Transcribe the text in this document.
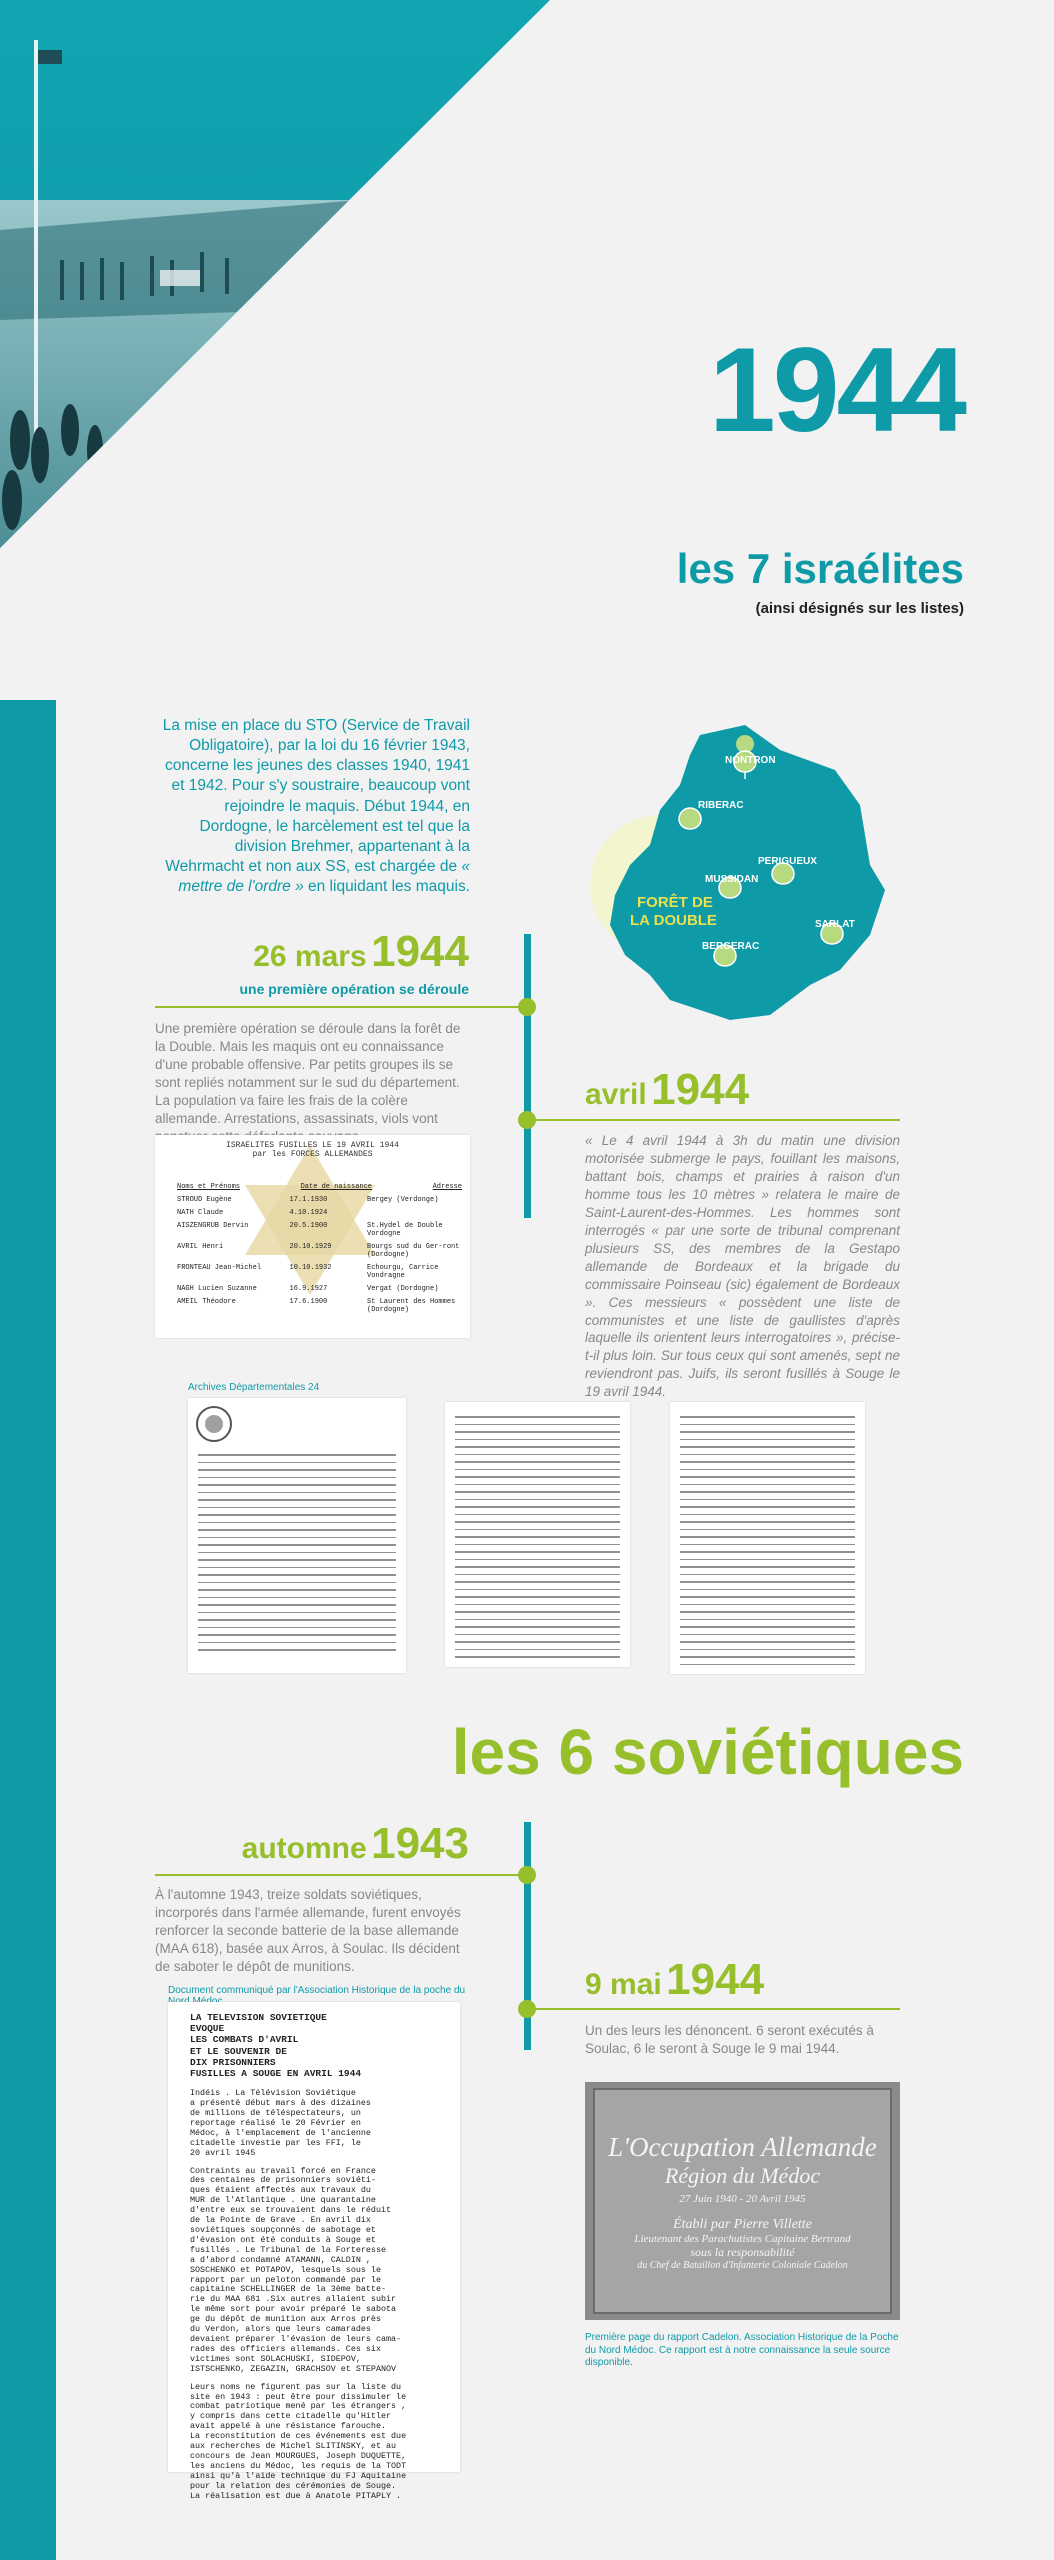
1944
les 7 israélites
(ainsi désignés sur les listes)
La mise en place du STO (Service de Travail Obligatoire), par la loi du 16 février 1943, concerne les jeunes des classes 1940, 1941 et 1942. Pour s'y soustraire, beaucoup vont rejoindre le maquis. Début 1944, en Dordogne, le harcèlement est tel que la division Brehmer, appartenant à la Wehrmacht et non aux SS, est chargée de « mettre de l'ordre » en liquidant les maquis.
NONTRON
RIBERAC
PERIGUEUX
MUSSIDAN
SARLAT
BERGERAC
FORÊT DE
LA DOUBLE
26 mars 1944
une première opération se déroule
Une première opération se déroule dans la forêt de la Double. Mais les maquis ont eu connaissance d'une probable offensive. Par petits groupes ils se sont repliés notamment sur le sud du département. La population va faire les frais de la colère allemande. Arrestations, assassinats, viols vont
avril 1944
« Le 4 avril 1944 à 3h du matin une division motorisée submerge le pays, fouillant les maisons, battant bois, champs et prairies à raison d'un homme tous les 10 mètres » relatera le maire de Saint-Laurent-des-Hommes. Les hommes sont interrogés « par une sorte de tribunal comprenant plusieurs SS, des membres de la Gestapo allemande de Bordeaux et la brigade du commissaire Poinseau (sic) également de Bordeaux ». Ces messieurs « possèdent une liste de communistes et une liste de gaullistes d'après laquelle ils orientent leurs interrogatoires », précise-t-il plus loin. Sur tous ceux qui sont amenés, sept ne reviendront pas. Juifs, ils seront fusillés à Souge le 19 avril 1944.
ISRAELITES FUSILLES LE 19 AVRIL 1944
par les FORCES ALLEMANDES
Noms et Prénoms	Date de naissance	Adresse
STROUD Eugène	17.1.1930	Bergey (Verdonge)
NATH Claude	4.10.1924
AISZENGRUB Dervin	20.5.1900	St.Hydel de Double Vordogne
AVRIL Henri	20.10.1929	Bourgs sud du Ger-ront (Dordogne)
FRONTEAU Jean-Michel	10.10.1932	Echourgu, Carrice Vondragne
NAGH Lucien Suzanne	16.9.1927	Vergat (Dordogne)
AMEIL Théodore	17.6.1900	St Laurent des Hommes (Dordogne)
Archives Départementales 24
les 6 soviétiques
automne 1943
À l'automne 1943, treize soldats soviétiques, incorporés dans l'armée allemande, furent envoyés renforcer la seconde batterie de la base allemande (MAA 618), basée aux Arros, à Soulac. Ils décident de saboter le dépôt de munitions.
9 mai 1944
Un des leurs les dénoncent. 6 seront exécutés à Soulac, 6 le seront à Souge le 9 mai 1944.
Document communiqué par l'Association Historique de la poche du
LA TELEVISION SOVIETIQUE
EVOQUE
LES COMBATS D'AVRIL
ET LE SOUVENIR DE
DIX PRISONNIERS
FUSILLES A SOUGE EN AVRIL 1944
Indéis . La Télévision Soviétique
a présenté début mars à des dizaines
de millions de téléspectateurs, un
reportage réalisé le 20 Février en
Médoc, à l'emplacement de l'ancienne
citadelle investie par les FFI, le
20 avril 1945
Contraints au travail forcé en France
des centaines de prisonniers soviéti-
ques étaient affectés aux travaux du
MUR de l'Atlantique . Une quarantaine
d'entre eux se trouvaient dans le réduit
de la Pointe de Grave . En avril dix
soviétiques soupçonnés de sabotage et
d'évasion ont été conduits à Souge et
fusillés . Le Tribunal de la Forteresse
a d'abord condamné ATAMANN, CALDIN ,
SOSCHENKO et POTAPOV, lesquels sous le
rapport par un peloton commandé par le
capitaine SCHELLINGER de la 3ème batte-
rie du MAA 681 .Six autres allaient subir
le même sort pour avoir préparé le sabota
ge du dépôt de munition aux Arros près
du Verdon, alors que leurs camarades
devaient préparer l'évasion de leurs cama-
rades des officiers allemands. Ces six
victimes sont SOLACHUSKI, SIDEPOV,
ISTSCHENKO, ZEGAZIN, GRACHSOV et STEPANOV
Leurs noms ne figurent pas sur la liste du
site en 1943 : peut être pour dissimuler le
combat patriotique mené par les étrangers ,
y compris dans cette citadelle qu'Hitler
avait appelé à une résistance farouche.
La reconstitution de ces événements est due
aux recherches de Michel SLITINSKY, et au
concours de Jean MOURGUES, Joseph DUQUETTE,
les anciens du Médoc, les requis de la TODT
ainsi qu'à l'aide technique du FJ Aquitaine
pour la relation des cérémonies de Souge.
La réalisation est due à Anatole PITAPLY .
L'Occupation Allemande
Région du Médoc
27 Juin 1940 - 20 Avril 1945
Établi par Pierre Villette
Lieutenant des Parachutistes Capitaine Bertrand
sous la responsabilité
du Chef de Bataillon d'Infanterie Coloniale Cadelon
Première page du rapport Cadelon. Association Historique de la Poche du Nord Médoc. Ce rapport est à notre connaissance la seule source disponible.
